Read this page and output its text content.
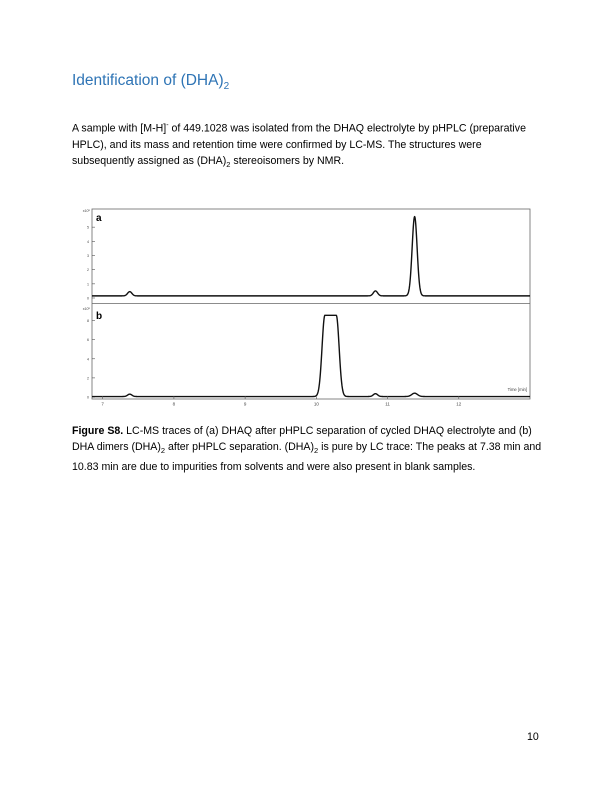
Identification of $(DHA)_2$
A sample with [M-H]- of 449.1028 was isolated from the DHAQ electrolyte by pHPLC (preparative HPLC), and its mass and retention time were confirmed by LC-MS. The structures were subsequently assigned as $(DHA)_2$ stereoisomers by NMR.
0
1
2
3
4
5
x10⁵
a
0
2
4
6
8
x10⁵
b
7	8	9	10	11	12
Time [min]
Figure S8. LC-MS traces of (a) DHAQ after pHPLC separation of cycled DHAQ electrolyte and (b) DHA dimers $(DHA)_2$ after pHPLC separation. $(DHA)_2$ is pure by LC trace: The peaks at 7.38 min and 10.83 min are due to impurities from solvents and were also present in blank samples.
10
